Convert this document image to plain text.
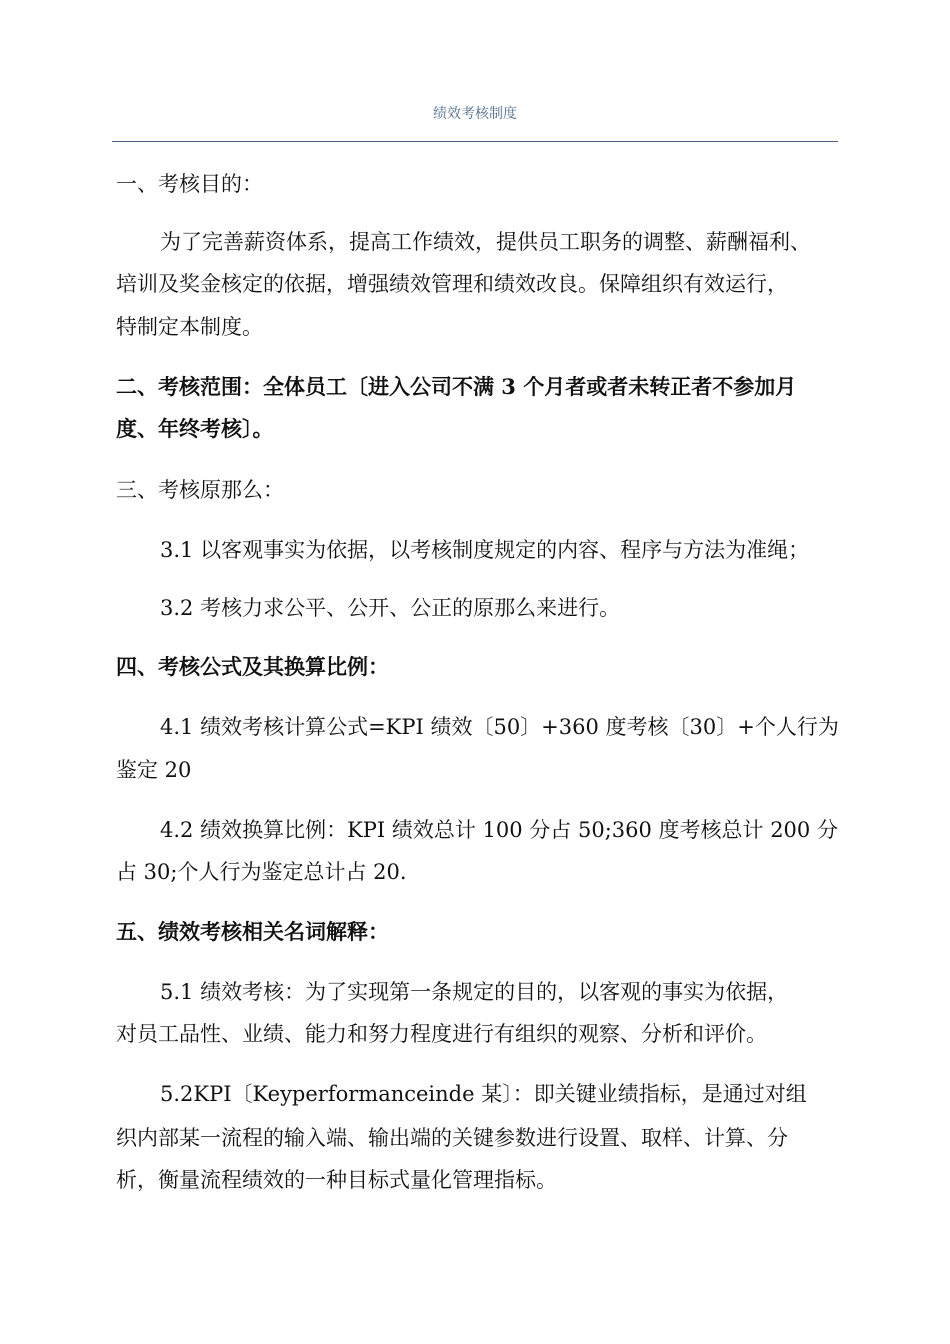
绩效考核制度
一、考核目的：
为了完善薪资体系，提高工作绩效，提供员工职务的调整、薪酬福利、
培训及奖金核定的依据，增强绩效管理和绩效改良。保障组织有效运行，
特制定本制度。
二、考核范围：全体员工〔进入公司不满 3 个月者或者未转正者不参加月
度、年终考核〕。
三、考核原那么：
3.1 以客观事实为依据，以考核制度规定的内容、程序与方法为准绳；
3.2 考核力求公平、公开、公正的原那么来进行。
四、考核公式及其换算比例：
4.1 绩效考核计算公式=KPI 绩效〔50〕+360 度考核〔30〕+个人行为
鉴定 20
4.2 绩效换算比例：KPI 绩效总计 100 分占 50;360 度考核总计 200 分
占 30;个人行为鉴定总计占 20.
五、绩效考核相关名词解释：
5.1 绩效考核：为了实现第一条规定的目的，以客观的事实为依据，
对员工品性、业绩、能力和努力程度进行有组织的观察、分析和评价。
5.2KPI〔Keyperformanceinde 某〕：即关键业绩指标，是通过对组
织内部某一流程的输入端、输出端的关键参数进行设置、取样、计算、分
析，衡量流程绩效的一种目标式量化管理指标。
